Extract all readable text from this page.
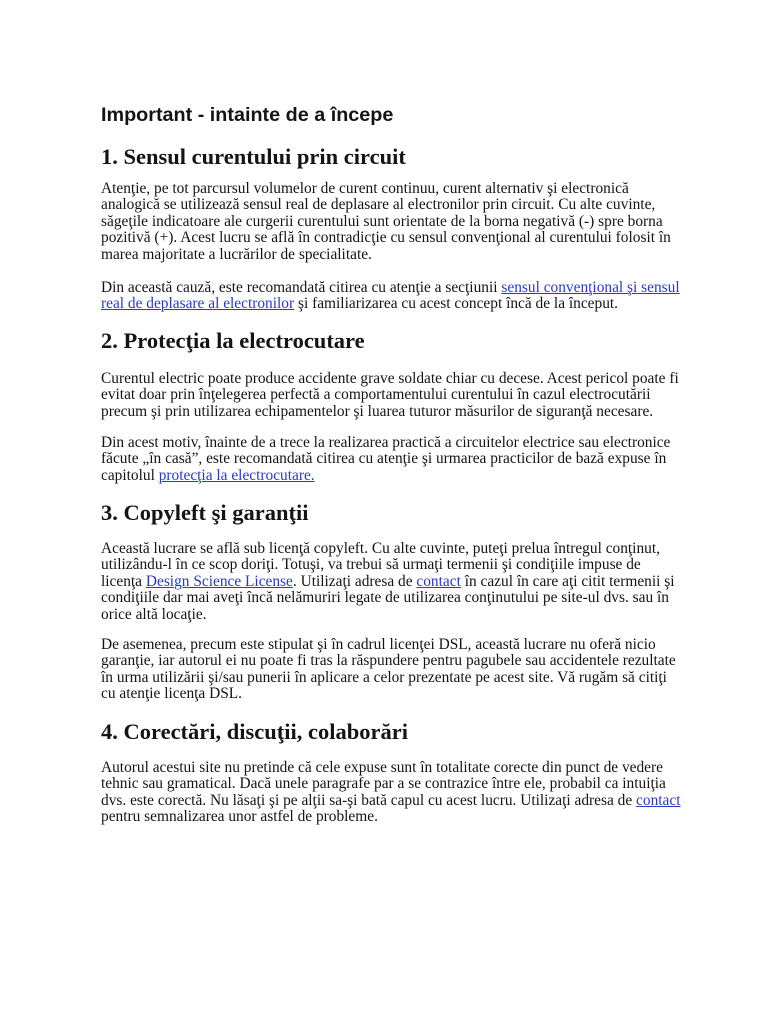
Important - intainte de a începe
1. Sensul curentului prin circuit

Atenţie, pe tot parcursul volumelor de curent continuu, curent alternativ şi electronică
analogică se utilizează sensul real de deplasare al electronilor prin circuit. Cu alte cuvinte,
săgeţile indicatoare ale curgerii curentului sunt orientate de la borna negativă (-) spre borna
pozitivă (+). Acest lucru se află în contradicţie cu sensul convenţional al curentului folosit în
marea majoritate a lucrărilor de specialitate.

Din această cauză, este recomandată citirea cu atenţie a secţiunii sensul convenţional şi sensul
real de deplasare al electronilor şi familiarizarea cu acest concept încă de la început.

2. Protecţia la electrocutare

Curentul electric poate produce accidente grave soldate chiar cu decese. Acest pericol poate fi
evitat doar prin înţelegerea perfectă a comportamentului curentului în cazul electrocutării
precum şi prin utilizarea echipamentelor şi luarea tuturor măsurilor de siguranţă necesare.

Din acest motiv, înainte de a trece la realizarea practică a circuitelor electrice sau electronice
făcute „în casă”, este recomandată citirea cu atenţie şi urmarea practicilor de bază expuse în
capitolul protecţia la electrocutare.

3. Copyleft şi garanţii

Această lucrare se află sub licenţă copyleft. Cu alte cuvinte, puteţi prelua întregul conţinut,
utilizându-l în ce scop doriţi. Totuşi, va trebui să urmaţi termenii şi condiţiile impuse de
licenţa Design Science License. Utilizaţi adresa de contact în cazul în care aţi citit termenii şi
condiţiile dar mai aveţi încă nelămuriri legate de utilizarea conţinutului pe site-ul dvs. sau în
orice altă locaţie.

De asemenea, precum este stipulat şi în cadrul licenţei DSL, această lucrare nu oferă nicio
garanţie, iar autorul ei nu poate fi tras la răspundere pentru pagubele sau accidentele rezultate
în urma utilizării şi/sau punerii în aplicare a celor prezentate pe acest site. Vă rugăm să citiţi
cu atenţie licenţa DSL.

4. Corectări, discuţii, colaborări

Autorul acestui site nu pretinde că cele expuse sunt în totalitate corecte din punct de vedere
tehnic sau gramatical. Dacă unele paragrafe par a se contrazice între ele, probabil ca intuiţia
dvs. este corectă. Nu lăsaţi şi pe alţii sa-şi bată capul cu acest lucru. Utilizaţi adresa de contact
pentru semnalizarea unor astfel de probleme.
